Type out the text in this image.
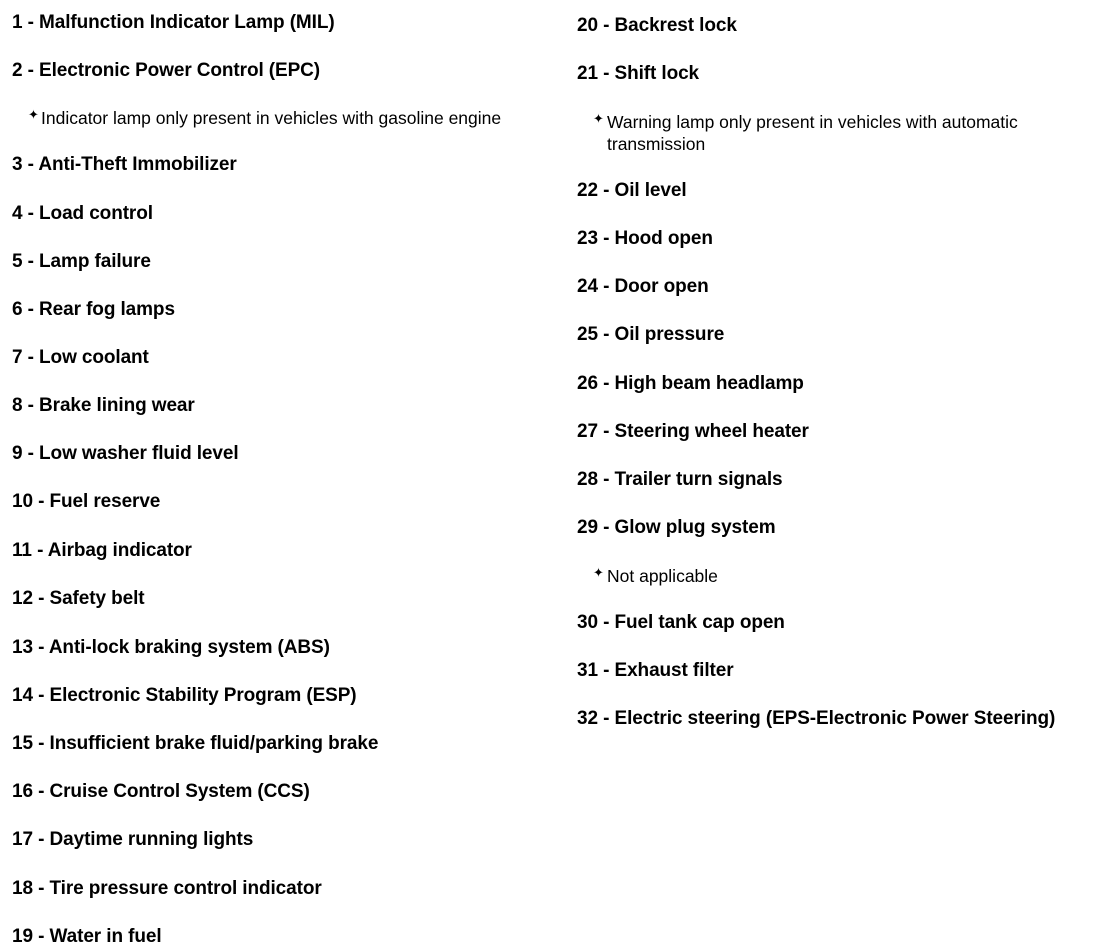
1 - Malfunction Indicator Lamp (MIL)
2 - Electronic Power Control (EPC)
✦ Indicator lamp only present in vehicles with gasoline engine
3 - Anti-Theft Immobilizer
4 - Load control
5 - Lamp failure
6 - Rear fog lamps
7 - Low coolant
8 - Brake lining wear
9 - Low washer fluid level
10 - Fuel reserve
11 - Airbag indicator
12 - Safety belt
13 - Anti-lock braking system (ABS)
14 - Electronic Stability Program (ESP)
15 - Insufficient brake fluid/parking brake
16 - Cruise Control System (CCS)
17 - Daytime running lights
18 - Tire pressure control indicator
19 - Water in fuel
20 - Backrest lock
21 - Shift lock
✦ Warning lamp only present in vehicles with automatic transmission
22 - Oil level
23 - Hood open
24 - Door open
25 - Oil pressure
26 - High beam headlamp
27 - Steering wheel heater
28 - Trailer turn signals
29 - Glow plug system
✦ Not applicable
30 - Fuel tank cap open
31 - Exhaust filter
32 - Electric steering (EPS-Electronic Power Steering)
